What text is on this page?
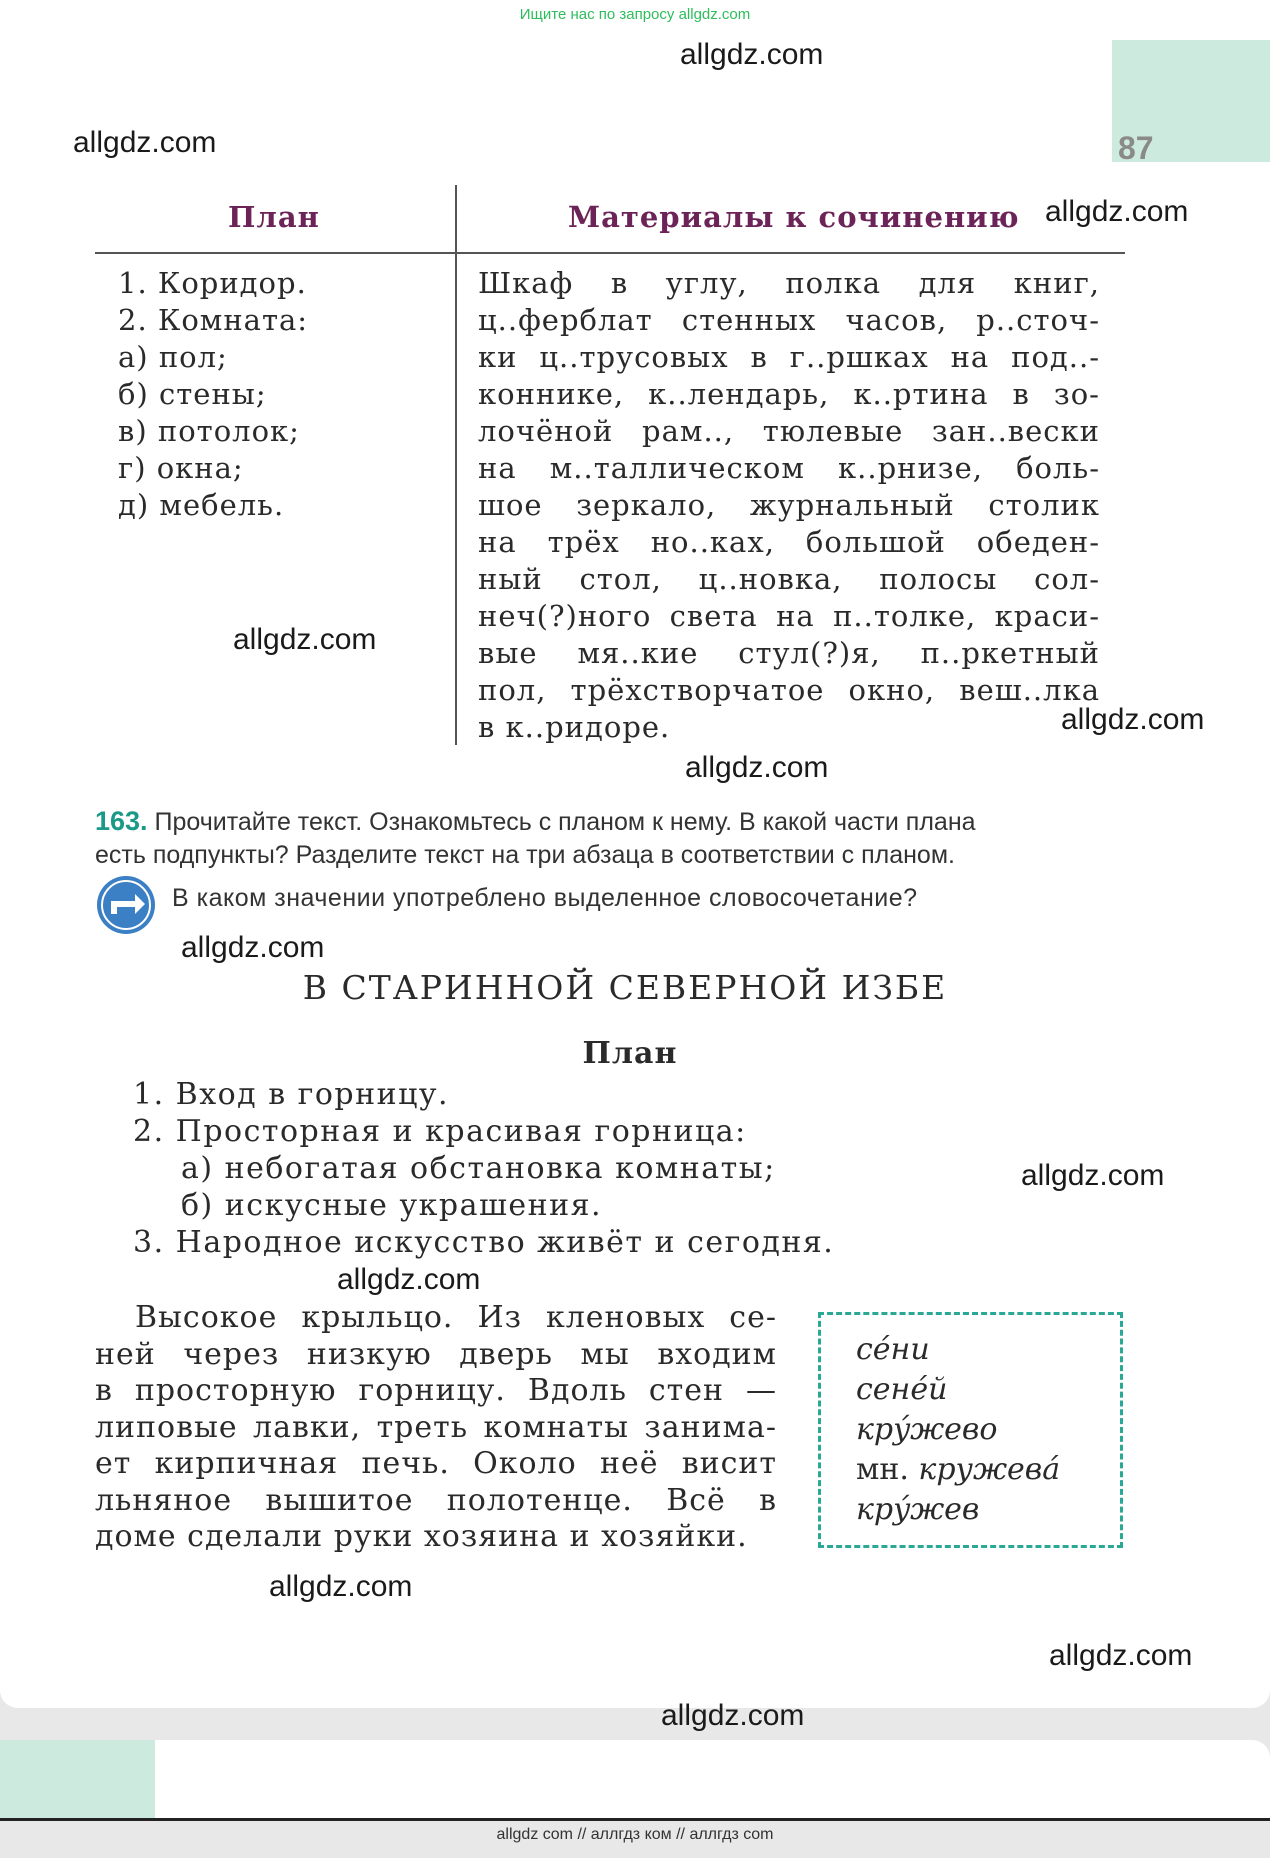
Ищите нас по запросу allgdz.com
87
allgdz.com
allgdz.com
allgdz.com
allgdz.com
allgdz.com
allgdz.com
allgdz.com
allgdz.com
allgdz.com
allgdz.com
allgdz.com
allgdz.com
План	Материалы к сочинению
1. Коридор.
2. Комната:
а) пол;
б) стены;
в) потолок;
г) окна;
д) мебель.
Шкаф в углу, полка для книг,
ц..ферблат стенных часов, р..сточ-
ки ц..трусовых в г..ршках на под..-
коннике, к..лендарь, к..ртина в зо-
лочёной рам.., тюлевые зан..вески
на м..таллическом к..рнизе, боль-
шое зеркало, журнальный столик
на трёх но..ках, большой обеден-
ный стол, ц..новка, полосы сол-
неч(?)ного света на п..толке, краси-
вые мя..кие стул(?)я, п..ркетный
пол, трёхстворчатое окно, веш..лка
в к..ридоре.
163. Прочитайте текст. Ознакомьтесь с планом к нему. В какой части плана
есть подпункты? Разделите текст на три абзаца в соответствии с планом.
В каком значении употреблено выделенное словосочетание?
В СТАРИННОЙ СЕВЕРНОЙ ИЗБЕ
План
1. Вход в горницу.
2. Просторная и красивая горница:
а) небогатая обстановка комнаты;
б) искусные украшения.
3. Народное искусство живёт и сегодня.
Высокое крыльцо. Из кленовых се-
ней через низкую дверь мы входим
в просторную горницу. Вдоль стен —
липовые лавки, треть комнаты занима-
ет кирпичная печь. Около неё висит
льняное вышитое полотенце. Всё в
доме сделали руки хозяина и хозяйки.
сéни
сенéй
крýжево
мн. кружевá
крýжев
allgdz com // аллгдз ком // аллгдз com
